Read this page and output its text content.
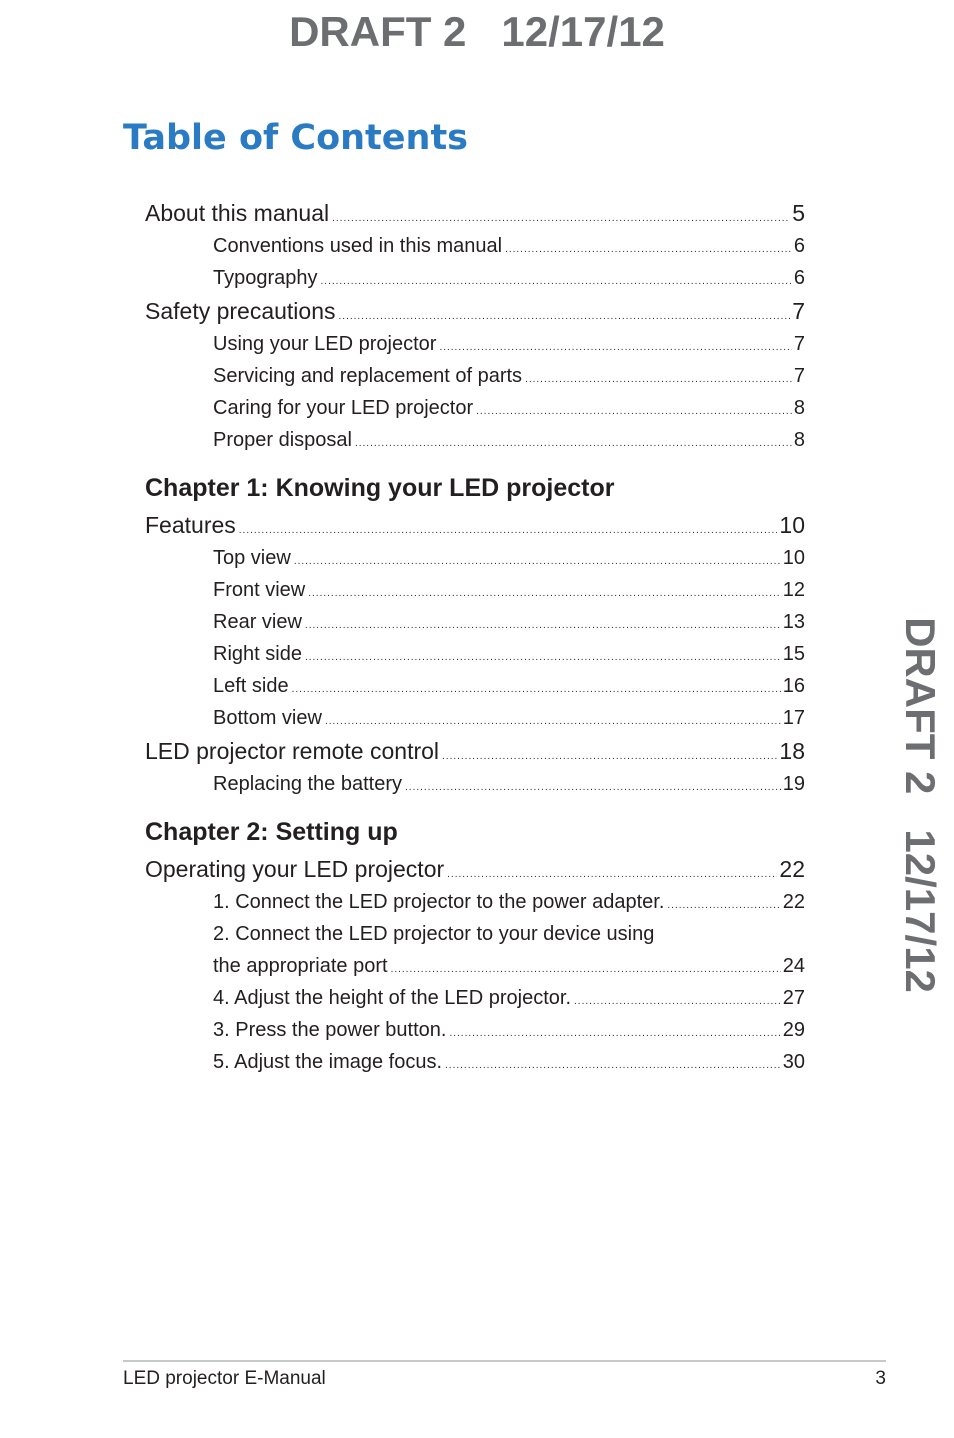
DRAFT 2   12/17/12
DRAFT 2   12/17/12
Table of Contents
About this manual .....	5
Conventions used in this manual .....	6
Typography .....	6
Safety precautions .....	7
Using your LED projector .....	7
Servicing and replacement of parts .....	7
Caring for your LED projector .....	8
Proper disposal .....	8
Chapter 1: Knowing your LED projector
Features .....	10
Top view .....	10
Front view .....	12
Rear view .....	13
Right side .....	15
Left side .....	16
Bottom view .....	17
LED projector remote control .....	18
Replacing the battery .....	19
Chapter 2: Setting up
Operating your LED projector .....	22
1. Connect the LED projector to the power adapter. .....	22
2. Connect the LED projector to your device using
the appropriate port .....	24
4. Adjust the height of the LED projector. .....	27
3. Press the power button. .....	29
5. Adjust the image focus. .....	30
LED projector E-Manual	3
